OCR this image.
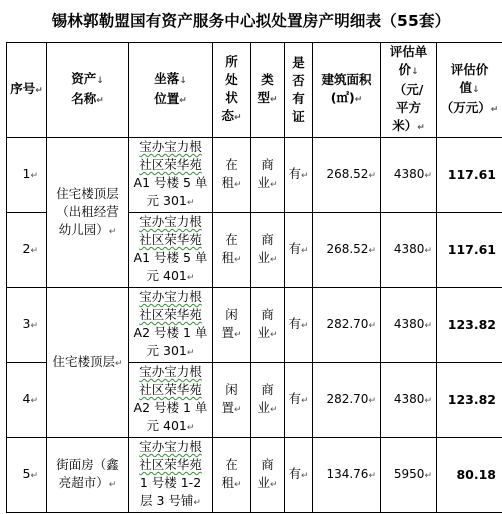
锡林郭勒盟国有资产服务中心拟处置房产明细表（55套）
序号↵	资产↓
名称↵	坐落↓
位置↵	所
处
状
态↵	类
型↵	是
否
有
证	建筑面积
(㎡)↵	评估单
价↓
（元/
平方
米）↵	评估价
值↓
（万元）↵
1↵	住宅楼顶层
（出租经营
幼儿园）↵	宝办宝力根
社区荣华苑
A1 号楼 5 单
元 301↵	在
租↵	商
业↵	有↵	268.52↵	4380↵	117.61
2↵		宝办宝力根
社区荣华苑
A1 号楼 5 单
元 401↵	在
租↵	商
业↵	有↵	268.52↵	4380↵	117.61
3↵	住宅楼顶层↵	宝办宝力根
社区荣华苑
A2 号楼 1 单
元 301↵	闲
置↵	商
业↵	有↵	282.70↵	4380↵	123.82
4↵		宝办宝力根
社区荣华苑
A2 号楼 1 单
元 401↵	闲
置↵	商
业↵	有↵	282.70↵	4380↵	123.82
5↵	街面房（鑫
亮超市）↵	宝办宝力根
社区荣华苑
1 号楼 1-2
层 3 号铺↵	在
租↵	商
业↵	有↵	134.76↵	5950↵	80.18
